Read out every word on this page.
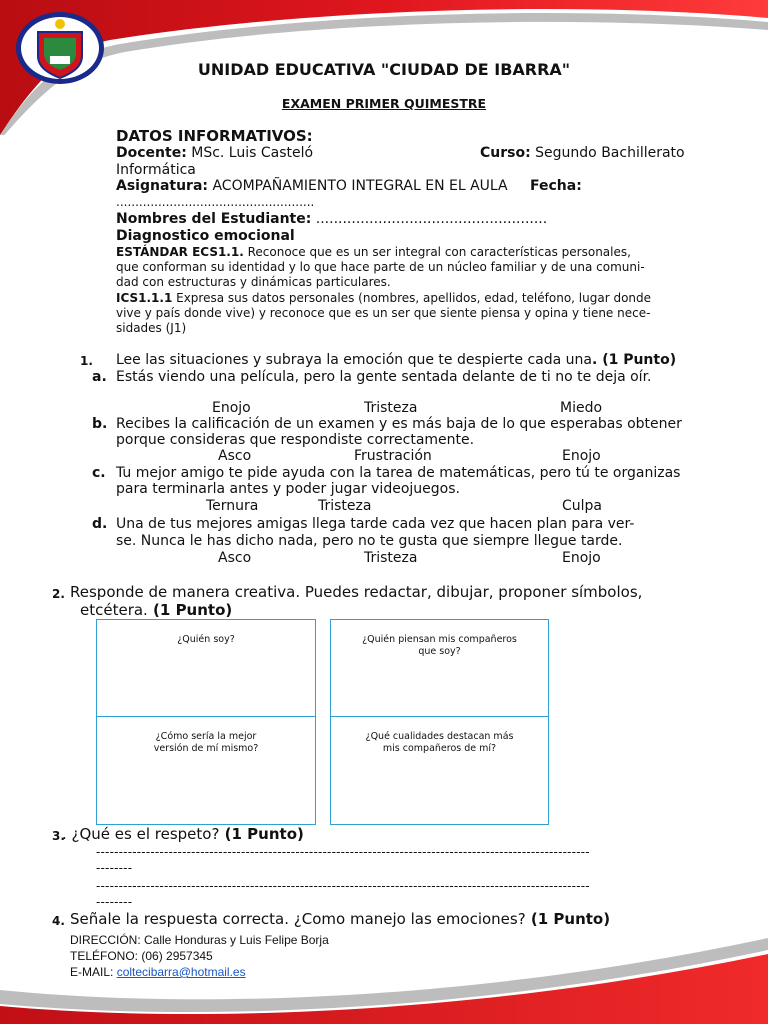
UNIDAD EDUCATIVA "CIUDAD DE IBARRA"
EXAMEN PRIMER QUIMESTRE
DATOS INFORMATIVOS:
Docente: MSc. Luis Casteló	Curso: Segundo Bachillerato
Informática
Asignatura: ACOMPAÑAMIENTO INTEGRAL EN EL AULA	Fecha:
....................................................
Nombres del Estudiante: ....................................................
Diagnostico emocional
ESTÁNDAR ECS1.1. Reconoce que es un ser integral con características personales,
que conforman su identidad y lo que hace parte de un núcleo familiar y de una comuni-
dad con estructuras y dinámicas particulares.
ICS1.1.1 Expresa sus datos personales (nombres, apellidos, edad, teléfono, lugar donde
vive y país donde vive) y reconoce que es un ser que siente piensa y opina y tiene nece-
sidades (J1)
1. Lee las situaciones y subraya la emoción que te despierte cada una. (1 Punto)
a. Estás viendo una película, pero la gente sentada delante de ti no te deja oír.
Enojo	Tristeza	Miedo
b. Recibes la calificación de un examen y es más baja de lo que esperabas obtener
porque consideras que respondiste correctamente.
Asco	Frustración	Enojo
c. Tu mejor amigo te pide ayuda con la tarea de matemáticas, pero tú te organizas
para terminarla antes y poder jugar videojuegos.
Ternura	Tristeza	Culpa
d. Una de tus mejores amigas llega tarde cada vez que hacen plan para ver-
se. Nunca le has dicho nada, pero no te gusta que siempre llegue tarde.
Asco	Tristeza	Enojo
2. Responde de manera creativa. Puedes redactar, dibujar, proponer símbolos,
etcétera. (1 Punto)
¿Quién soy?	¿Quién piensan mis compañeros
que soy?
¿Cómo sería la mejor
versión de mí mismo?
¿Qué cualidades destacan más
mis compañeros de mí?
3.
. ¿Qué es el respeto? (1 Punto)
-------------------------------------------------------------------------------------------------------------
--------
-------------------------------------------------------------------------------------------------------------
--------
4. Señale la respuesta correcta. ¿Como manejo las emociones? (1 Punto)
DIRECCIÓN: Calle Honduras y Luis Felipe Borja
TELÉFONO: (06) 2957345
E-MAIL: coltecibarra@hotmail.es
